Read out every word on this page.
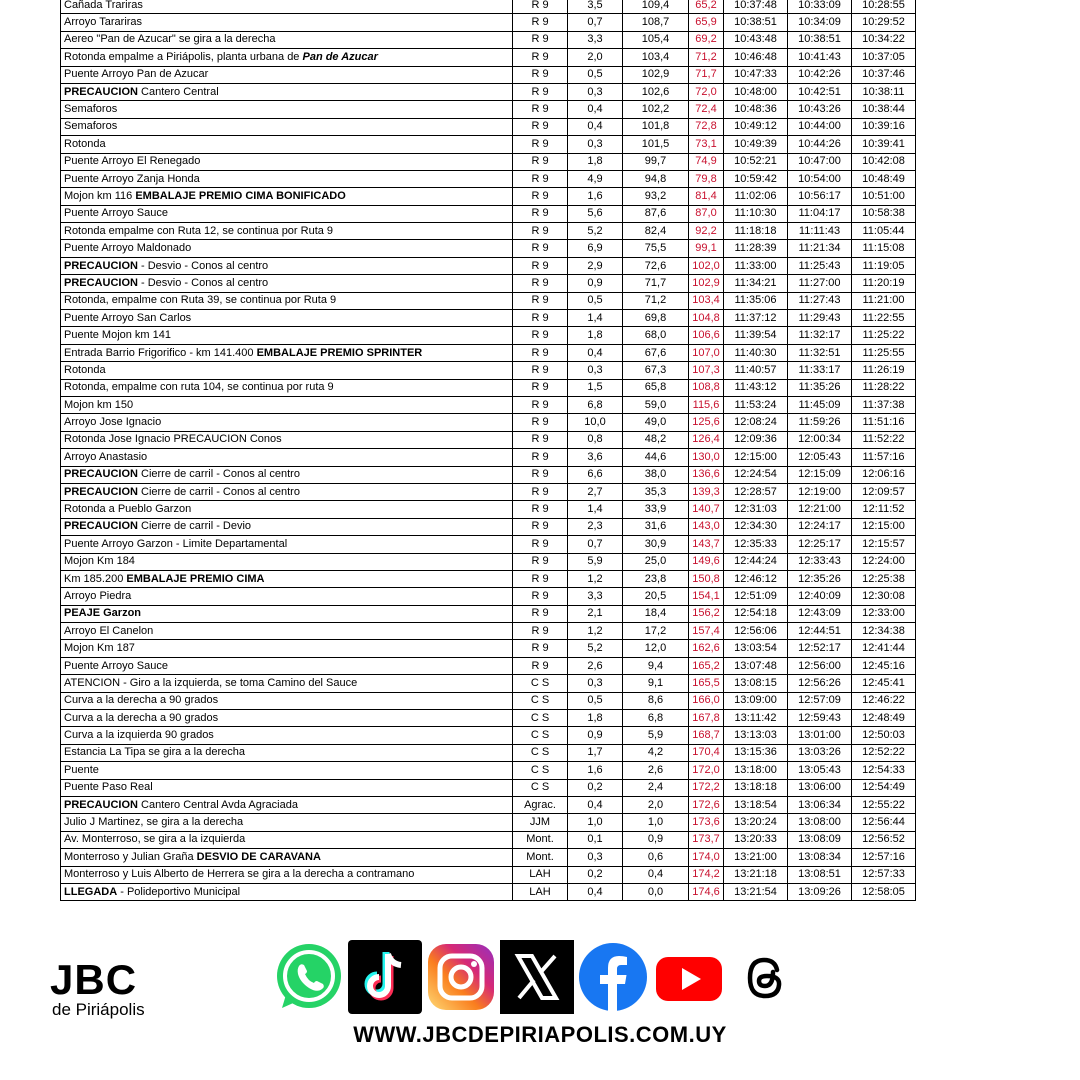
Cañada Trariras	R 9	3,5	109,4	65,2	10:37:48	10:33:09	10:28:55
Arroyo Tarariras	R 9	0,7	108,7	65,9	10:38:51	10:34:09	10:29:52
Aereo "Pan de Azucar" se gira a la derecha	R 9	3,3	105,4	69,2	10:43:48	10:38:51	10:34:22
Rotonda empalme a Piriápolis, planta urbana de Pan de Azucar	R 9	2,0	103,4	71,2	10:46:48	10:41:43	10:37:05
Puente Arroyo Pan de Azucar	R 9	0,5	102,9	71,7	10:47:33	10:42:26	10:37:46
PRECAUCION Cantero Central	R 9	0,3	102,6	72,0	10:48:00	10:42:51	10:38:11
Semaforos	R 9	0,4	102,2	72,4	10:48:36	10:43:26	10:38:44
Semaforos	R 9	0,4	101,8	72,8	10:49:12	10:44:00	10:39:16
Rotonda	R 9	0,3	101,5	73,1	10:49:39	10:44:26	10:39:41
Puente Arroyo El Renegado	R 9	1,8	99,7	74,9	10:52:21	10:47:00	10:42:08
Puente Arroyo Zanja Honda	R 9	4,9	94,8	79,8	10:59:42	10:54:00	10:48:49
Mojon km 116 EMBALAJE PREMIO CIMA BONIFICADO	R 9	1,6	93,2	81,4	11:02:06	10:56:17	10:51:00
Puente Arroyo Sauce	R 9	5,6	87,6	87,0	11:10:30	11:04:17	10:58:38
Rotonda empalme con Ruta 12, se continua por Ruta 9	R 9	5,2	82,4	92,2	11:18:18	11:11:43	11:05:44
Puente Arroyo Maldonado	R 9	6,9	75,5	99,1	11:28:39	11:21:34	11:15:08
PRECAUCION - Desvio - Conos al centro	R 9	2,9	72,6	102,0	11:33:00	11:25:43	11:19:05
PRECAUCION - Desvio - Conos al centro	R 9	0,9	71,7	102,9	11:34:21	11:27:00	11:20:19
Rotonda, empalme con Ruta 39, se continua por Ruta 9	R 9	0,5	71,2	103,4	11:35:06	11:27:43	11:21:00
Puente Arroyo San Carlos	R 9	1,4	69,8	104,8	11:37:12	11:29:43	11:22:55
Puente Mojon km 141	R 9	1,8	68,0	106,6	11:39:54	11:32:17	11:25:22
Entrada Barrio Frigorifico - km 141.400 EMBALAJE PREMIO SPRINTER	R 9	0,4	67,6	107,0	11:40:30	11:32:51	11:25:55
Rotonda	R 9	0,3	67,3	107,3	11:40:57	11:33:17	11:26:19
Rotonda, empalme con ruta 104, se continua por ruta 9	R 9	1,5	65,8	108,8	11:43:12	11:35:26	11:28:22
Mojon km 150	R 9	6,8	59,0	115,6	11:53:24	11:45:09	11:37:38
Arroyo Jose Ignacio	R 9	10,0	49,0	125,6	12:08:24	11:59:26	11:51:16
Rotonda Jose Ignacio PRECAUCION Conos	R 9	0,8	48,2	126,4	12:09:36	12:00:34	11:52:22
Arroyo Anastasio	R 9	3,6	44,6	130,0	12:15:00	12:05:43	11:57:16
PRECAUCION Cierre de carril - Conos al centro	R 9	6,6	38,0	136,6	12:24:54	12:15:09	12:06:16
PRECAUCION Cierre de carril - Conos al centro	R 9	2,7	35,3	139,3	12:28:57	12:19:00	12:09:57
Rotonda a Pueblo Garzon	R 9	1,4	33,9	140,7	12:31:03	12:21:00	12:11:52
PRECAUCION Cierre de carril - Devio	R 9	2,3	31,6	143,0	12:34:30	12:24:17	12:15:00
Puente Arroyo Garzon - Limite Departamental	R 9	0,7	30,9	143,7	12:35:33	12:25:17	12:15:57
Mojon Km 184	R 9	5,9	25,0	149,6	12:44:24	12:33:43	12:24:00
Km 185.200 EMBALAJE PREMIO CIMA	R 9	1,2	23,8	150,8	12:46:12	12:35:26	12:25:38
Arroyo Piedra	R 9	3,3	20,5	154,1	12:51:09	12:40:09	12:30:08
PEAJE Garzon	R 9	2,1	18,4	156,2	12:54:18	12:43:09	12:33:00
Arroyo El Canelon	R 9	1,2	17,2	157,4	12:56:06	12:44:51	12:34:38
Mojon Km 187	R 9	5,2	12,0	162,6	13:03:54	12:52:17	12:41:44
Puente Arroyo Sauce	R 9	2,6	9,4	165,2	13:07:48	12:56:00	12:45:16
ATENCION - Giro a la izquierda, se toma Camino del Sauce	C S	0,3	9,1	165,5	13:08:15	12:56:26	12:45:41
Curva a la derecha a 90 grados	C S	0,5	8,6	166,0	13:09:00	12:57:09	12:46:22
Curva a la derecha a 90 grados	C S	1,8	6,8	167,8	13:11:42	12:59:43	12:48:49
Curva a la izquierda 90 grados	C S	0,9	5,9	168,7	13:13:03	13:01:00	12:50:03
Estancia La Tipa se gira a la derecha	C S	1,7	4,2	170,4	13:15:36	13:03:26	12:52:22
Puente	C S	1,6	2,6	172,0	13:18:00	13:05:43	12:54:33
Puente Paso Real	C S	0,2	2,4	172,2	13:18:18	13:06:00	12:54:49
PRECAUCION Cantero Central Avda Agraciada	Agrac.	0,4	2,0	172,6	13:18:54	13:06:34	12:55:22
Julio J Martinez, se gira a la derecha	JJM	1,0	1,0	173,6	13:20:24	13:08:00	12:56:44
Av. Monterroso, se gira a la izquierda	Mont.	0,1	0,9	173,7	13:20:33	13:08:09	12:56:52
Monterroso y Julian Graña DESVIO DE CARAVANA	Mont.	0,3	0,6	174,0	13:21:00	13:08:34	12:57:16
Monterroso y Luis Alberto de Herrera se gira a la derecha a contramano	LAH	0,2	0,4	174,2	13:21:18	13:08:51	12:57:33
LLEGADA - Polideportivo Municipal	LAH	0,4	0,0	174,6	13:21:54	13:09:26	12:58:05
JBC
de Piriápolis
WWW.JBCDEPIRIAPOLIS.COM.UY
